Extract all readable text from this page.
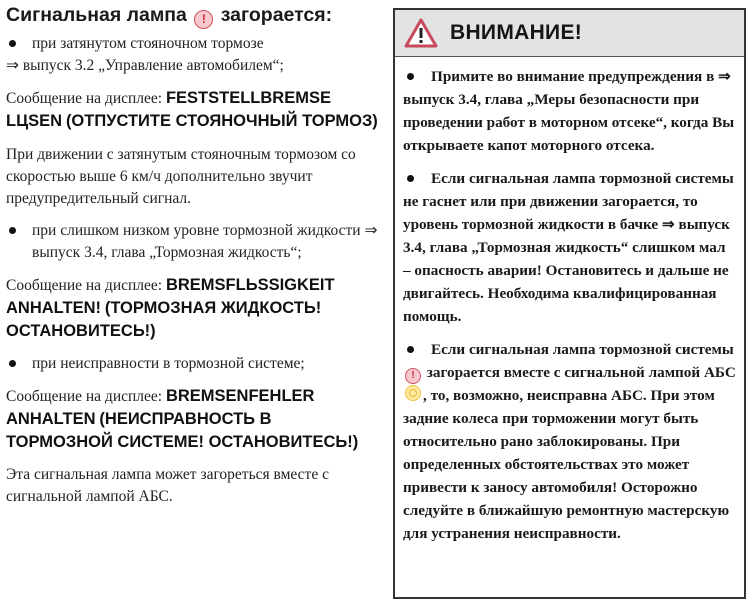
Сигнальная лампа ! загорается:

при затянутом стояночном тормозе
⇒ выпуск 3.2 „Управление автомобилем“;
Сообщение на дисплее: FESTSTELLBREMSE LЦSEN (ОТПУСТИТЕ СТОЯНОЧНЫЙ ТОРМОЗ)
При движении с затянутым стояночным тормозом со скоростью выше 6 км/ч дополнительно звучит предупредительный сигнал.
при слишком низком уровне тормозной жидкости ⇒ выпуск 3.4, глава „Тормозная жидкость“;
Сообщение на дисплее: BREMSFLЬSSIGKEIT ANHALTEN! (ТОРМОЗНАЯ ЖИДКОСТЬ! ОСТАНОВИТЕСЬ!)
при неисправности в тормозной системе;
Сообщение на дисплее: BREMSENFEHLER ANHALTEN (НЕИСПРАВНОСТЬ В ТОРМОЗНОЙ СИСТЕМЕ! ОСТАНОВИТЕСЬ!)
Эта сигнальная лампа может загореться вместе с сигнальной лампой АБС.
ВНИМАНИЕ!

Примите во внимание предупреждения в ⇒ выпуск 3.4, глава „Меры безопасности при проведении работ в моторном отсеке“, когда Вы открываете капот моторного отсека.

Если сигнальная лампа тормозной системы не гаснет или при движении загорается, то уровень тормозной жидкости в бачке ⇒ выпуск 3.4, глава „Тормозная жидкость“ слишком мал – опасность аварии! Остановитесь и дальше не двигайтесь. Необходима квалифицированная помощь.

Если сигнальная лампа тормозной системы ! загорается вместе с сигнальной лампой АБС , то, возможно, неисправна АБС. При этом задние колеса при торможении могут быть относительно рано заблокированы. При определенных обстоятельствах это может привести к заносу автомобиля! Осторожно следуйте в ближайшую ремонтную мастерскую для устранения неисправности.
